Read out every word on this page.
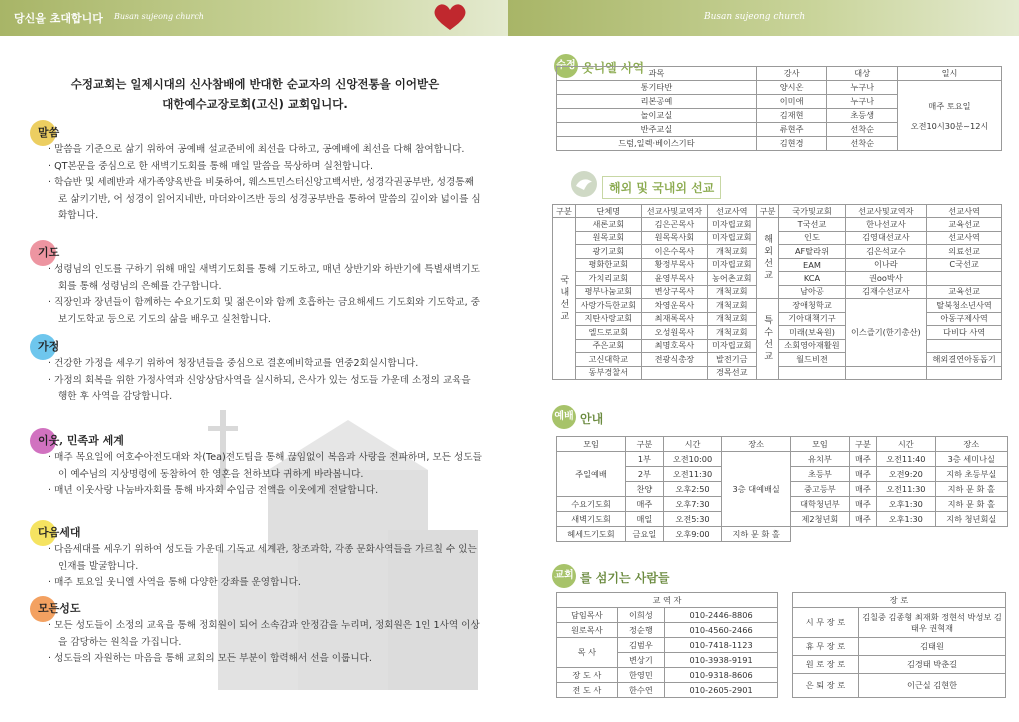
당신을 초대합니다 Busan sujeong church
수정교회는 일제시대의 신사참배에 반대한 순교자의 신앙전통을 이어받은
대한예수교장로회(고신) 교회입니다.
말씀
· 말씀을 기준으로 삶기 위하여 공예배 설교준비에 최선을 다하고, 공예배에 최선을 다해 참여합니다.
· QT본문을 중심으로 한 새벽기도회를 통해 매일 말씀을 묵상하며 실천합니다.
· 학습반 및 세례반과 새가족양육반을 비롯하여, 웨스트민스터신앙고백서반, 성경각권공부반, 성경통째로 삶키기반, 어 성경이 읽어지네반, 마더와이즈반 등의 성경공부반을 통하여 말씀의 깊이와 넓이를 심화합니다.
기도
· 성령님의 인도를 구하기 위해 매일 새벽기도회를 통해 기도하고, 매년 상반기와 하반기에 특별새벽기도회를 통해 성령님의 은혜를 간구합니다.
· 직장인과 장년들이 함께하는 수요기도회 및 젊은이와 함께 호흡하는 금요해세드 기도회와 기도학교, 중보기도학교 등으로 기도의 삶을 배우고 실천합니다.
가정
· 건강한 가정을 세우기 위하여 청장년들을 중심으로 결혼예비학교를 연중2회실시합니다.
· 가정의 회복을 위한 가정사역과 신앙상담사역을 실시하되, 은사가 있는 성도들 가운데 소정의 교육을 행한 후 사역을 감당합니다.
이웃, 민족과 세계
· 매주 목요일에 여호수아전도대와 차(Tea)전도팀을 통해 끊임없이 복음과 사랑을 전파하며, 모든 성도들이 예수님의 지상명령에 동참하여 한 영혼을 천하보다 귀하게 바라봅니다.
· 매년 이웃사랑 나눔바자회를 통해 바자회 수입금 전액을 이웃에게 전달합니다.
다음세대
· 다음세대를 세우기 위하여 성도들 가운데 기독교 세계관, 창조과학, 각종 문화사역들을 가르칠 수 있는 인재를 발굴합니다.
· 매주 토요일 웃니엘 사역을 통해 다양한 강좌를 운영합니다.
모든성도
· 모든 성도들이 소정의 교육을 통해 정회원이 되어 소속감과 안정감을 누리며, 정회원은 1인 1사역 이상을 감당하는 원칙을 가집니다.
· 성도들의 자원하는 마음을 통해 교회의 모든 부분이 합력해서 선을 이룹니다.
Busan sujeong church
수정 옷니엘 사역 과목	강사	대상	일시
통기타반	양시온	누구나	매주 토요일
오전10시30분~12시

리본공예	이미애	누구나	
놀이교실	김재현	초등생	
반주교실	류현주	선착순	
드럼,일렉·베이스기타	김현경	선착순	
해외 및 국내외 선교
구분	단체명	선교사및교역자	선교사역	구분	국가및교회	선교사및교역자	선교사역
국내선교	새론교회	김은곤목사	미자립교회	해외선교	T국선교	한나선교사	교육선교
	원목교회	원목목사회	미자립교회		인도	김영대선교사	선교사역
	광기교회	이은수목사	개척교회		AF탈라위	김은석교수	의료선교
	평화한교회	황정부목사	미자립교회		EAM	이나라	C국선교
	가치리교회	윤영부목사	농어촌교회		KCA	권oo박사	
	평부나눔교회	변상구목사	개척교회		남아공	김재수선교사	교육선교
	사랑가득한교회	차영운목사	개척교회	특수선교	장애청학교	이스즐기(한기총산)	탈북청소년사역
	지탄사랑교회	최재록목사	개척교회		기아대책기구		아동구제사역
	엘드로교회	오성원목사	개척교회		미래(보육원)		다비다 사역
	주은교회	최명호목사	미자립교회		소회영아재활원		
	고신대학교	전광식총장	발전기금		월드비젼		해외결연아동돕기
	동부경찰서		경목선교				
예배 안내
모임	구분	시간	장소	모임	구분	시간	장소
주일예배	1부	오전10:00	3층 대예배실	유치부	매주	오전11:40	3층 세미나실
	2부	오전11:30		초등부	매주	오전9:20	지하 초등부실
	찬양	오후2:50		중고등부	매주	오전11:30	지하 문 화 홀
수요기도회	매주	오후7:30		대학청년부	매주	오후1:30	지하 문 화 홀
새벽기도회	매일	오전5:30		제2청년회	매주	오후1:30	지하 청년회실
헤세드기도회	금요일	오후9:00	지하 문 화 홀				
교회 를 섬기는 사람들
교 역 자		
담임목사	이희성	010-2446-8806
원로목사	정순행	010-4560-2466
목 사	김범우	010-7418-1123
	변상기	010-3938-9191
장 도 사	한영민	010-9318-8606
전 도 사	한수연	010-2605-2901
장 로	
시 무 장 로	김칠중 김종형 최재화 정현석 박성보 김태우 권혁재
휴 무 장 로	김태원
원 로 장 로	김경태 박춘길
은 퇴 장 로	이근실 김현한
